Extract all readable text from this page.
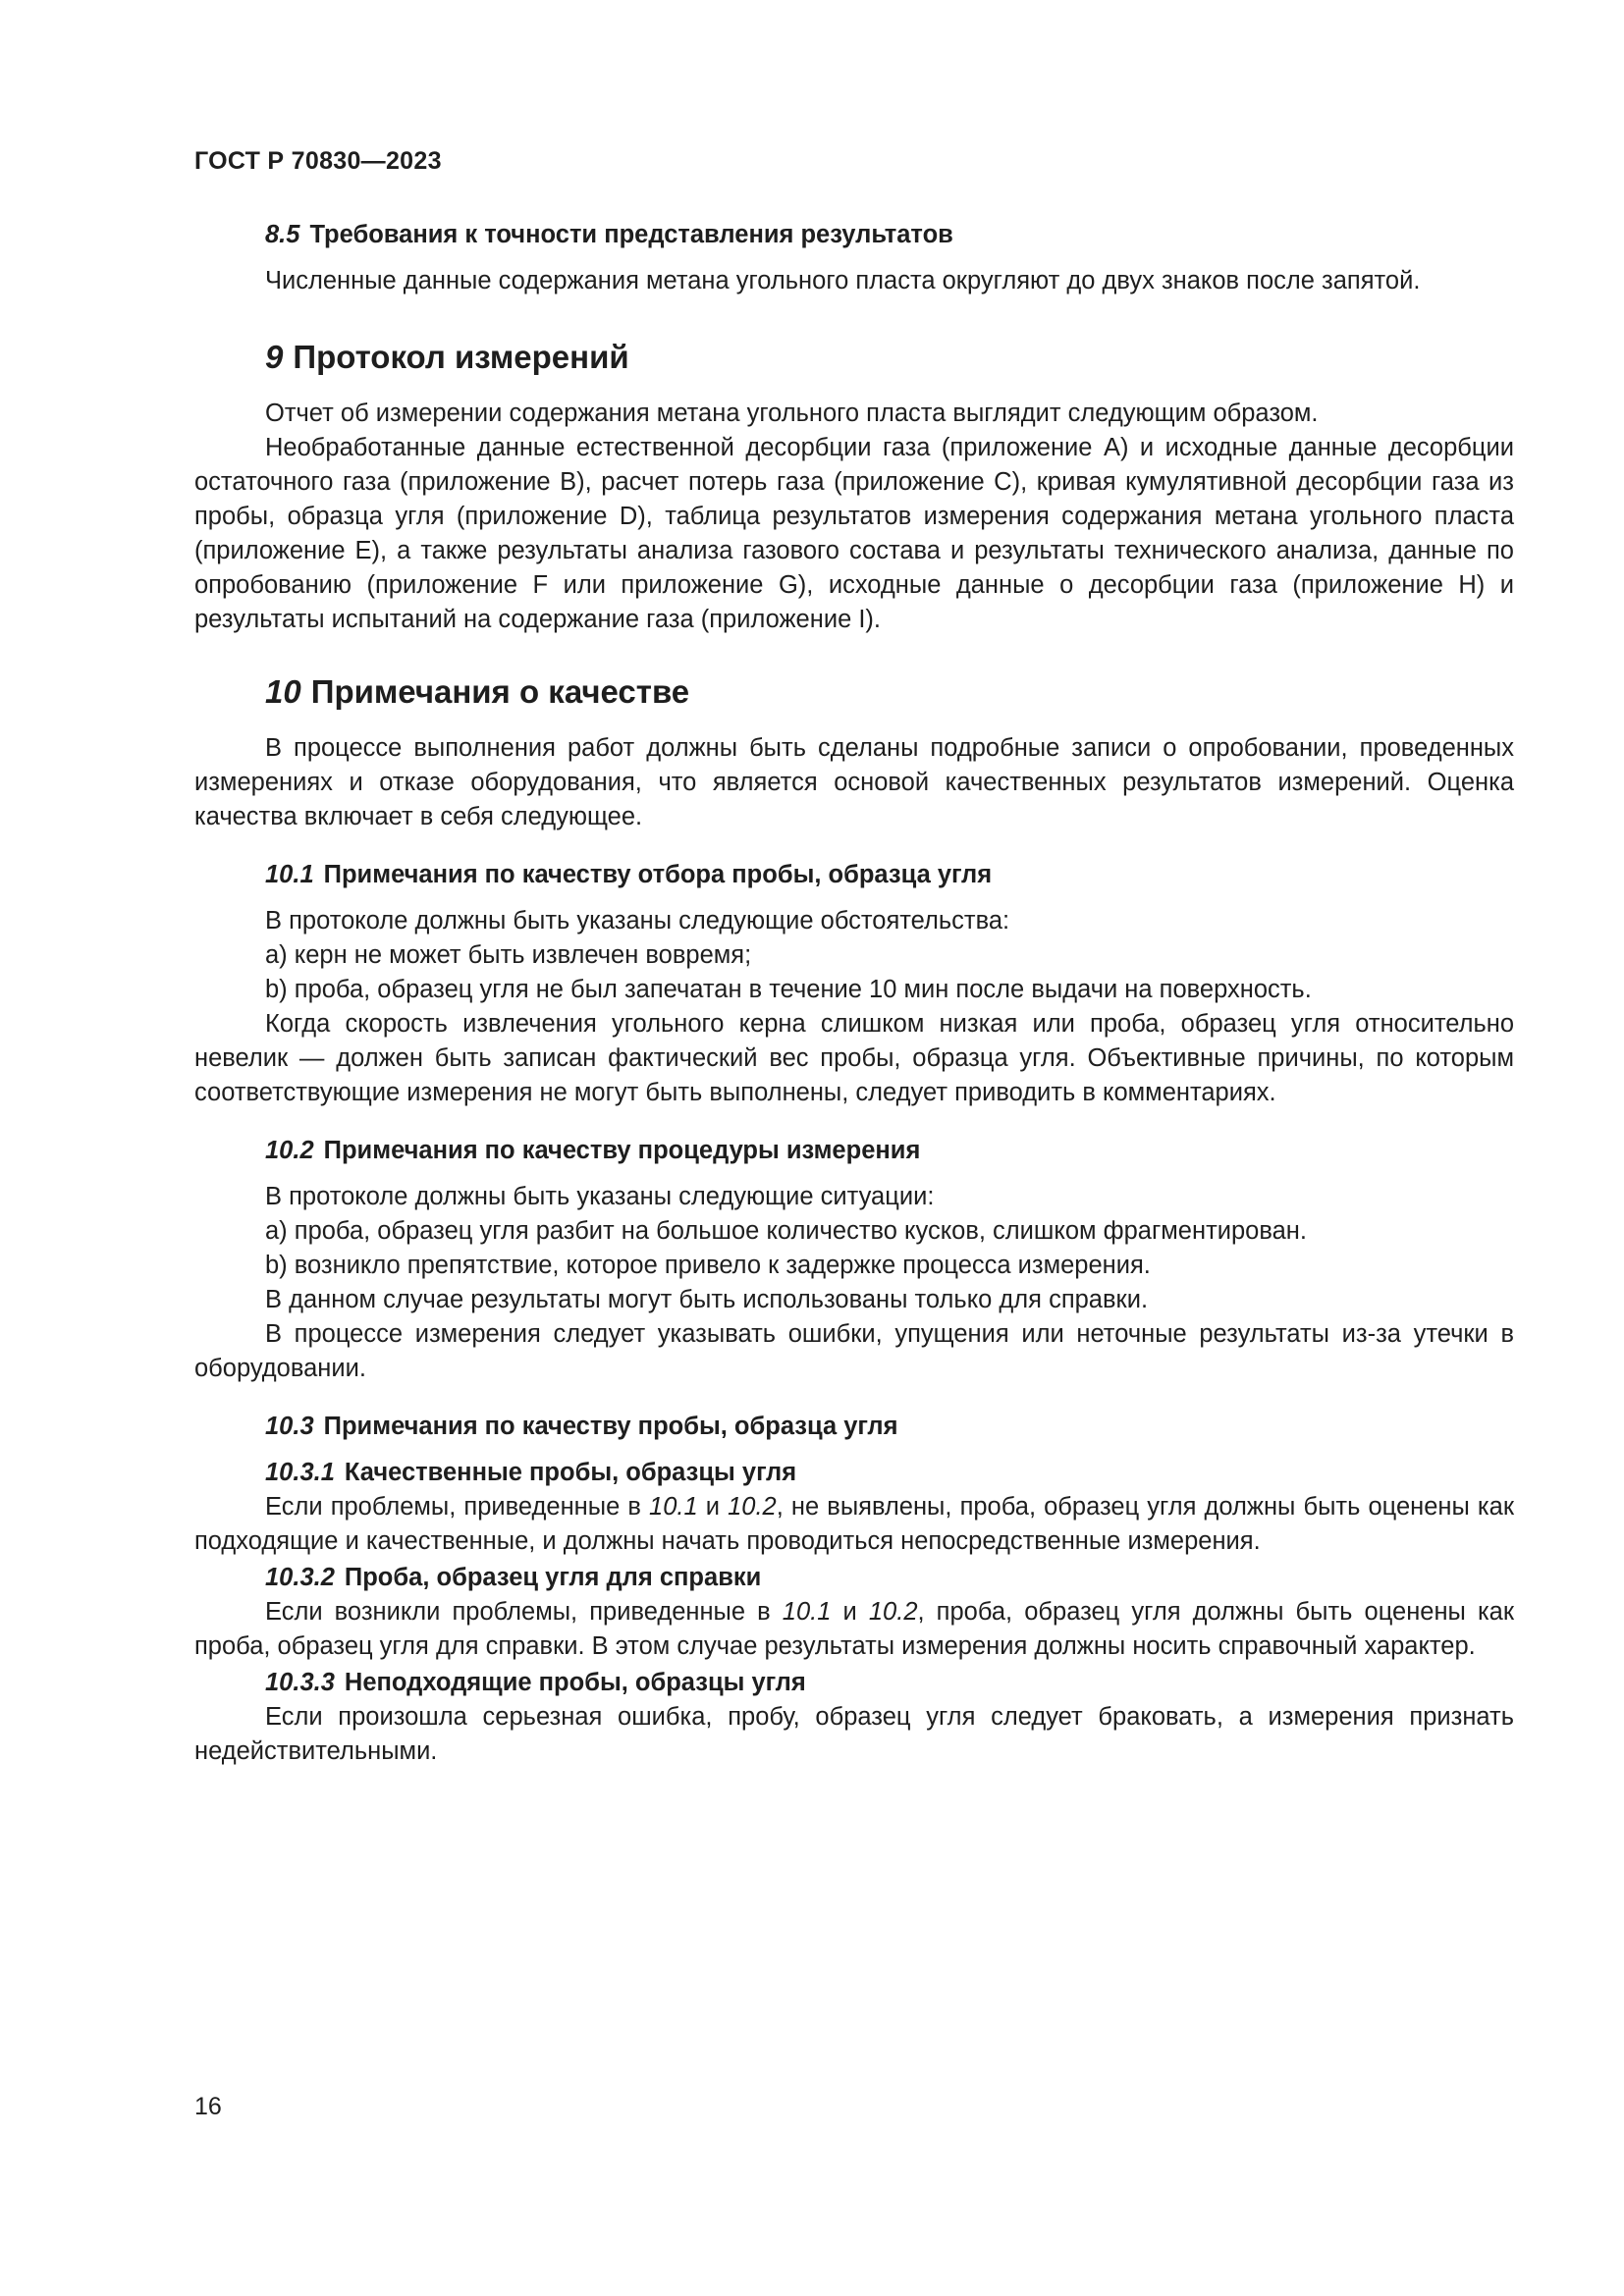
ГОСТ Р 70830—2023
8.5 Требования к точности представления результатов

Численные данные содержания метана угольного пласта округляют до двух знаков после запятой.

9 Протокол измерений

Отчет об измерении содержания метана угольного пласта выглядит следующим образом.

Необработанные данные естественной десорбции газа (приложение А) и исходные данные десорбции остаточного газа (приложение В), расчет потерь газа (приложение С), кривая кумулятивной десорбции газа из пробы, образца угля (приложение D), таблица результатов измерения содержания метана угольного пласта (приложение Е), а также результаты анализа газового состава и результаты технического анализа, данные по опробованию (приложение F или приложение G), исходные данные о десорбции газа (приложение Н) и результаты испытаний на содержание газа (приложение I).

10 Примечания о качестве

В процессе выполнения работ должны быть сделаны подробные записи о опробовании, проведенных измерениях и отказе оборудования, что является основой качественных результатов измерений. Оценка качества включает в себя следующее.

10.1 Примечания по качеству отбора пробы, образца угля

В протоколе должны быть указаны следующие обстоятельства:

a) керн не может быть извлечен вовремя;

b) проба, образец угля не был запечатан в течение 10 мин после выдачи на поверхность.

Когда скорость извлечения угольного керна слишком низкая или проба, образец угля относительно невелик — должен быть записан фактический вес пробы, образца угля. Объективные причины, по которым соответствующие измерения не могут быть выполнены, следует приводить в комментариях.

10.2 Примечания по качеству процедуры измерения

В протоколе должны быть указаны следующие ситуации:

a) проба, образец угля разбит на большое количество кусков, слишком фрагментирован.

b) возникло препятствие, которое привело к задержке процесса измерения.

В данном случае результаты могут быть использованы только для справки.

В процессе измерения следует указывать ошибки, упущения или неточные результаты из-за утечки в оборудовании.

10.3 Примечания по качеству пробы, образца угля
10.3.1 Качественные пробы, образцы угля

Если проблемы, приведенные в 10.1 и 10.2, не выявлены, проба, образец угля должны быть оценены как подходящие и качественные, и должны начать проводиться непосредственные измерения.

10.3.2 Проба, образец угля для справки

Если возникли проблемы, приведенные в 10.1 и 10.2, проба, образец угля должны быть оценены как проба, образец угля для справки. В этом случае результаты измерения должны носить справочный характер.

10.3.3 Неподходящие пробы, образцы угля

Если произошла серьезная ошибка, пробу, образец угля следует браковать, а измерения признать недействительными.

16
